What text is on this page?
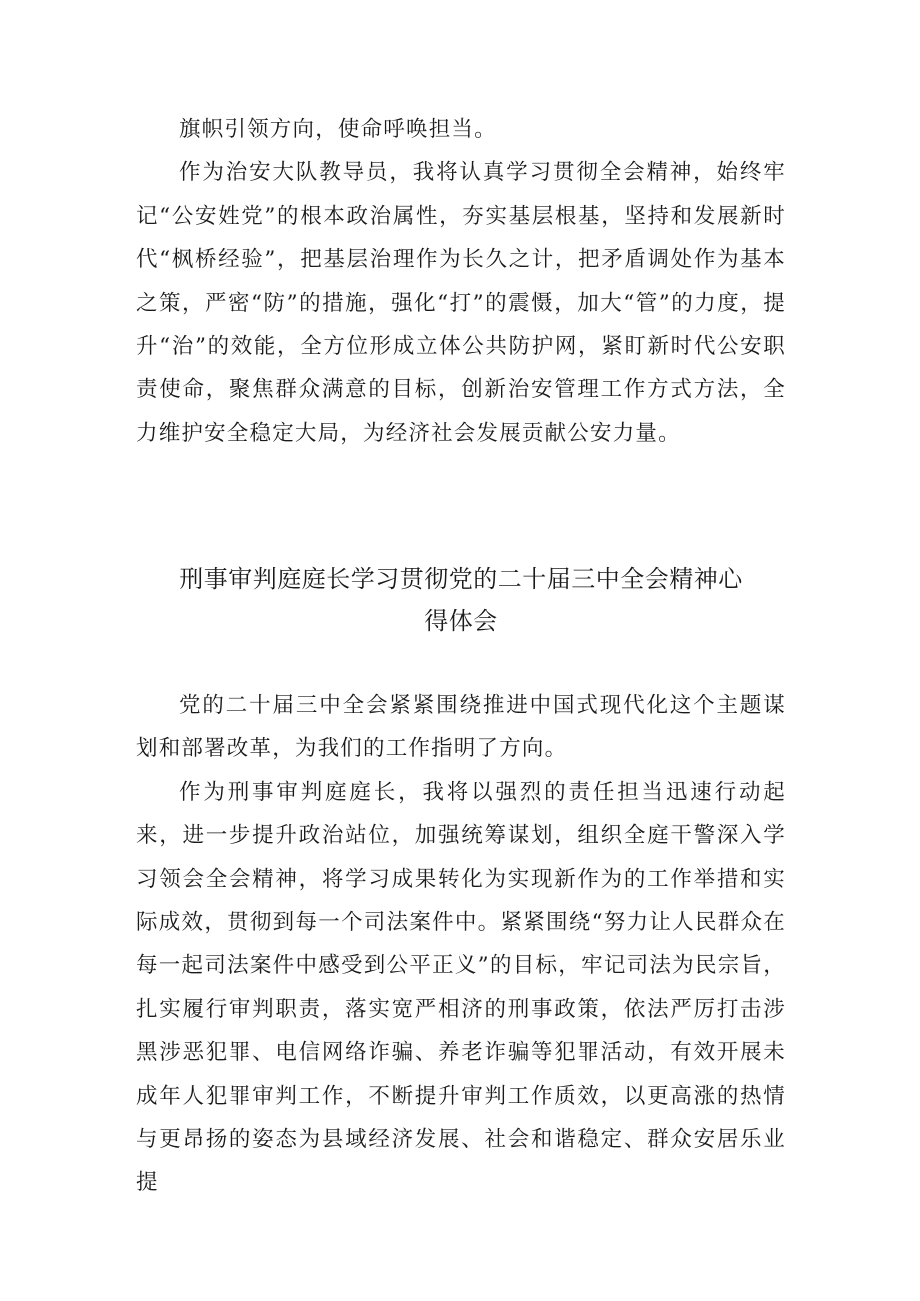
旗帜引领方向，使命呼唤担当。

作为治安大队教导员，我将认真学习贯彻全会精神，始终牢记“公安姓党”的根本政治属性，夯实基层根基，坚持和发展新时代“枫桥经验”，把基层治理作为长久之计，把矛盾调处作为基本之策，严密“防”的措施，强化“打”的震慑，加大“管”的力度，提升“治”的效能，全方位形成立体公共防护网，紧盯新时代公安职责使命，聚焦群众满意的目标，创新治安管理工作方式方法，全力维护安全稳定大局，为经济社会发展贡献公安力量。

刑事审判庭庭长学习贯彻党的二十届三中全会精神心
得体会

党的二十届三中全会紧紧围绕推进中国式现代化这个主题谋划和部署改革，为我们的工作指明了方向。

作为刑事审判庭庭长，我将以强烈的责任担当迅速行动起来，进一步提升政治站位，加强统筹谋划，组织全庭干警深入学习领会全会精神，将学习成果转化为实现新作为的工作举措和实际成效，贯彻到每一个司法案件中。紧紧围绕“努力让人民群众在每一起司法案件中感受到公平正义”的目标，牢记司法为民宗旨，扎实履行审判职责，落实宽严相济的刑事政策，依法严厉打击涉黑涉恶犯罪、电信网络诈骗、养老诈骗等犯罪活动，有效开展未成年人犯罪审判工作，不断提升审判工作质效，以更高涨的热情与更昂扬的姿态为县域经济发展、社会和谐稳定、群众安居乐业提
